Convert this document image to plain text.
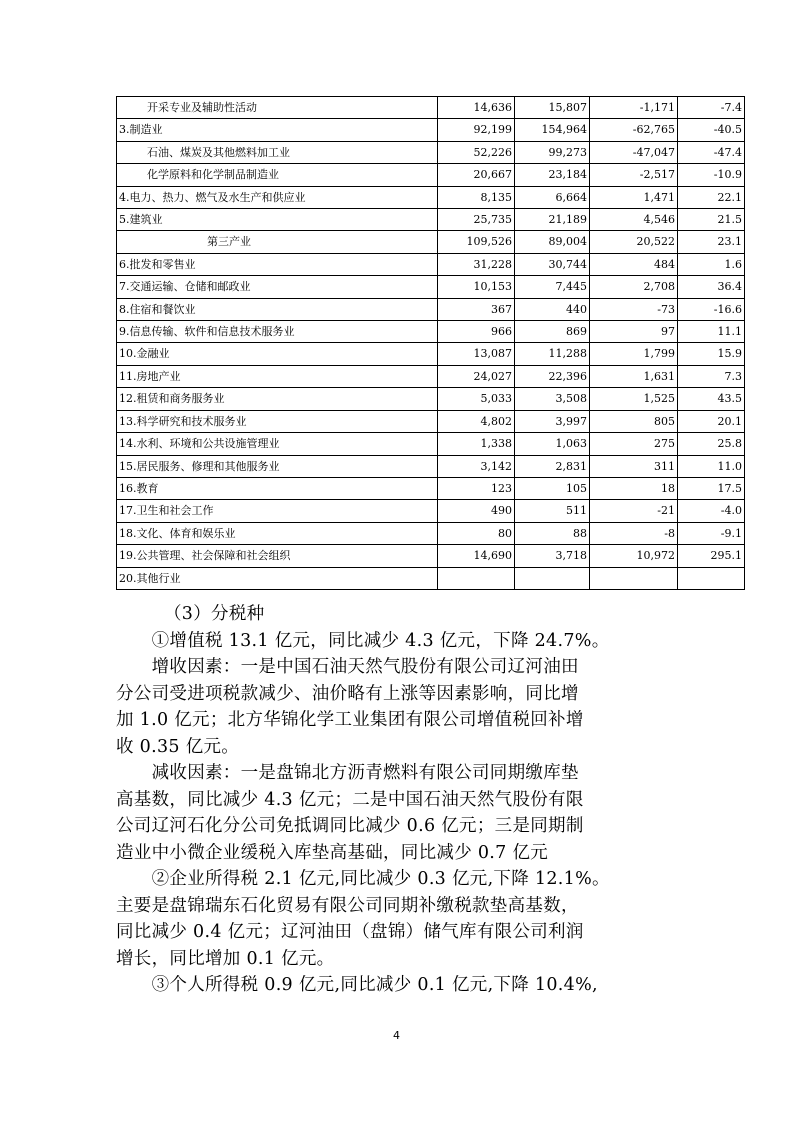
开采专业及辅助性活动	14,636	15,807	-1,171	-7.4
3.制造业	92,199	154,964	-62,765	-40.5
石油、煤炭及其他燃料加工业	52,226	99,273	-47,047	-47.4
化学原料和化学制品制造业	20,667	23,184	-2,517	-10.9
4.电力、热力、燃气及水生产和供应业	8,135	6,664	1,471	22.1
5.建筑业	25,735	21,189	4,546	21.5
第三产业	109,526	89,004	20,522	23.1
6.批发和零售业	31,228	30,744	484	1.6
7.交通运输、仓储和邮政业	10,153	7,445	2,708	36.4
8.住宿和餐饮业	367	440	-73	-16.6
9.信息传输、软件和信息技术服务业	966	869	97	11.1
10.金融业	13,087	11,288	1,799	15.9
11.房地产业	24,027	22,396	1,631	7.3
12.租赁和商务服务业	5,033	3,508	1,525	43.5
13.科学研究和技术服务业	4,802	3,997	805	20.1
14.水利、环境和公共设施管理业	1,338	1,063	275	25.8
15.居民服务、修理和其他服务业	3,142	2,831	311	11.0
16.教育	123	105	18	17.5
17.卫生和社会工作	490	511	-21	-4.0
18.文化、体育和娱乐业	80	88	-8	-9.1
19.公共管理、社会保障和社会组织	14,690	3,718	10,972	295.1
20.其他行业				

（3）分税种

　　①增值税 13.1 亿元，同比减少 4.3 亿元，下降 24.7%。

　　增收因素：一是中国石油天然气股份有限公司辽河油田

分公司受进项税款减少、油价略有上涨等因素影响，同比增

加 1.0 亿元；北方华锦化学工业集团有限公司增值税回补增

收 0.35 亿元。

　　减收因素：一是盘锦北方沥青燃料有限公司同期缴库垫

高基数，同比减少 4.3 亿元；二是中国石油天然气股份有限

公司辽河石化分公司免抵调同比减少 0.6 亿元；三是同期制

造业中小微企业缓税入库垫高基础，同比减少 0.7 亿元

　　②企业所得税 2.1 亿元,同比减少 0.3 亿元,下降 12.1%。

主要是盘锦瑞东石化贸易有限公司同期补缴税款垫高基数，

同比减少 0.4 亿元；辽河油田（盘锦）储气库有限公司利润

增长，同比增加 0.1 亿元。

　　③个人所得税 0.9 亿元,同比减少 0.1 亿元,下降 10.4%,

4
